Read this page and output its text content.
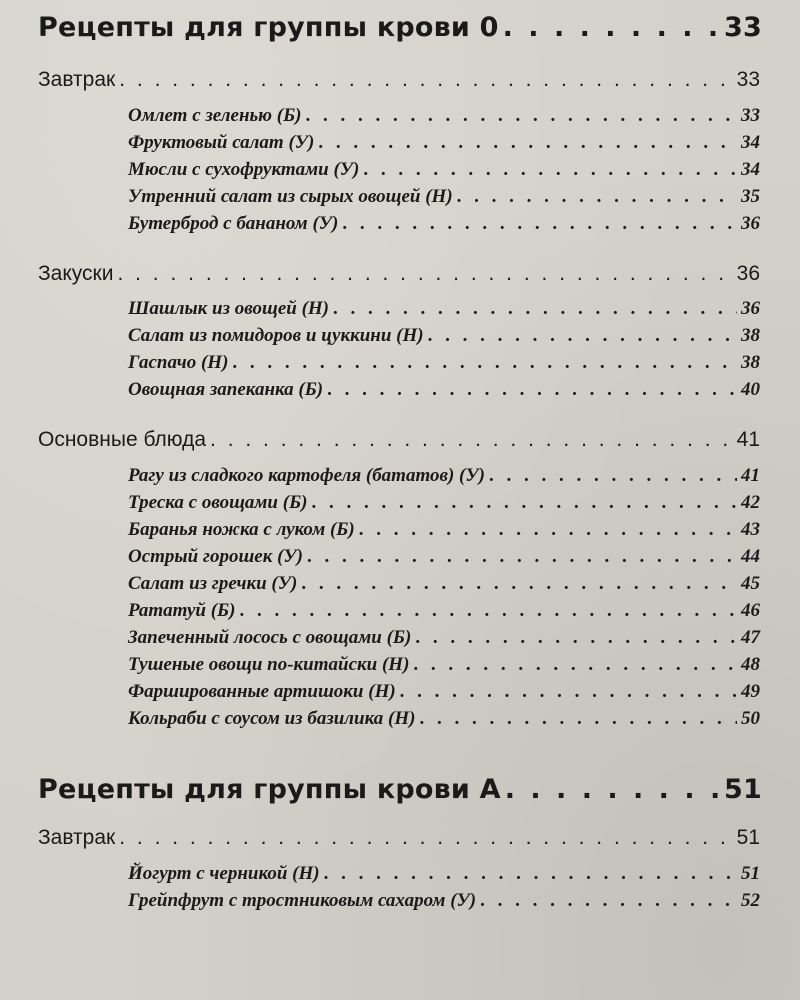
Рецепты для группы крови 0 . . .	33
Завтрак . . .	33
Омлет с зеленью (Б) . . .	33
Фруктовый салат (У) . . .	34
Мюсли с сухофруктами (У) . . .	34
Утренний салат из сырых овощей (Н) . . .	35
Бутерброд с бананом (У) . . .	36
Закуски . . .	36
Шашлык из овощей (Н) . . .	36
Салат из помидоров и цуккини (Н) . . .	38
Гаспачо (Н) . . .	38
Овощная запеканка (Б) . . .	40
Основные блюда . . .	41
Рагу из сладкого картофеля (бататов) (У) . . .	41
Треска с овощами (Б) . . .	42
Баранья ножка с луком (Б) . . .	43
Острый горошек (У) . . .	44
Салат из гречки (У) . . .	45
Рататуй (Б) . . .	46
Запеченный лосось с овощами (Б) . . .	47
Тушеные овощи по-китайски (Н) . . .	48
Фаршированные артишоки (Н) . . .	49
Кольраби с соусом из базилика (Н) . . .	50
Рецепты для группы крови А . . .	51
Завтрак . . .	51
Йогурт с черникой (Н) . . .	51
Грейпфрут с тростниковым сахаром (У) . . .	52
